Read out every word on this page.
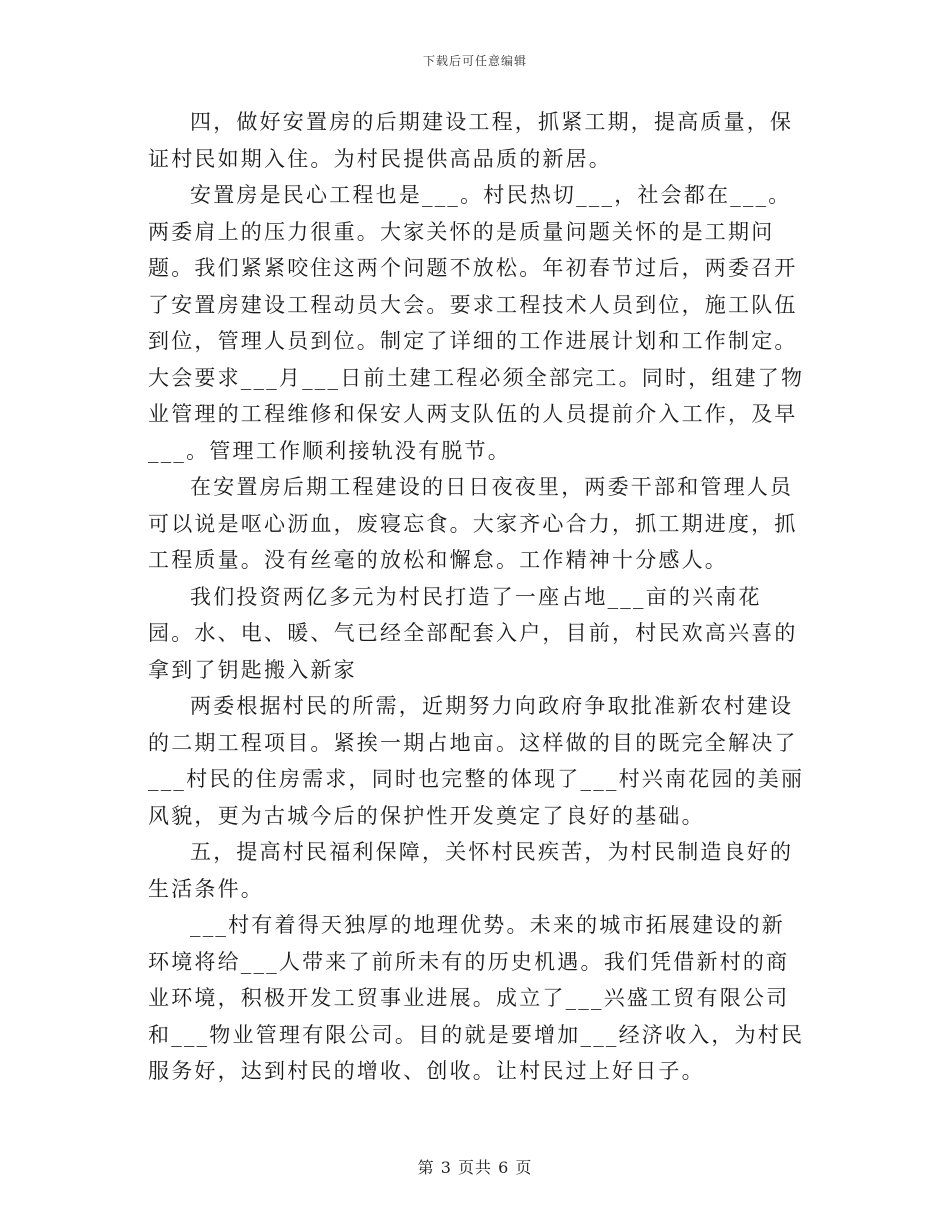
下载后可任意编辑

四，做好安置房的后期建设工程，抓紧工期，提高质量，保证村民如期入住。为村民提供高品质的新居。

安置房是民心工程也是___。村民热切___，社会都在___。两委肩上的压力很重。大家关怀的是质量问题关怀的是工期问题。我们紧紧咬住这两个问题不放松。年初春节过后，两委召开了安置房建设工程动员大会。要求工程技术人员到位，施工队伍到位，管理人员到位。制定了详细的工作进展计划和工作制定。大会要求___月___日前土建工程必须全部完工。同时，组建了物业管理的工程维修和保安人两支队伍的人员提前介入工作，及早___。管理工作顺利接轨没有脱节。

在安置房后期工程建设的日日夜夜里，两委干部和管理人员可以说是呕心沥血，废寝忘食。大家齐心合力，抓工期进度，抓工程质量。没有丝毫的放松和懈怠。工作精神十分感人。

我们投资两亿多元为村民打造了一座占地___亩的兴南花园。水、电、暖、气已经全部配套入户，目前，村民欢高兴喜的拿到了钥匙搬入新家

两委根据村民的所需，近期努力向政府争取批准新农村建设的二期工程项目。紧挨一期占地亩。这样做的目的既完全解决了___村民的住房需求，同时也完整的体现了___村兴南花园的美丽风貌，更为古城今后的保护性开发奠定了良好的基础。

五，提高村民福利保障，关怀村民疾苦，为村民制造良好的生活条件。

___村有着得天独厚的地理优势。未来的城市拓展建设的新环境将给___人带来了前所未有的历史机遇。我们凭借新村的商业环境，积极开发工贸事业进展。成立了___兴盛工贸有限公司和___物业管理有限公司。目的就是要增加___经济收入，为村民服务好，达到村民的增收、创收。让村民过上好日子。

第 3 页共 6 页
